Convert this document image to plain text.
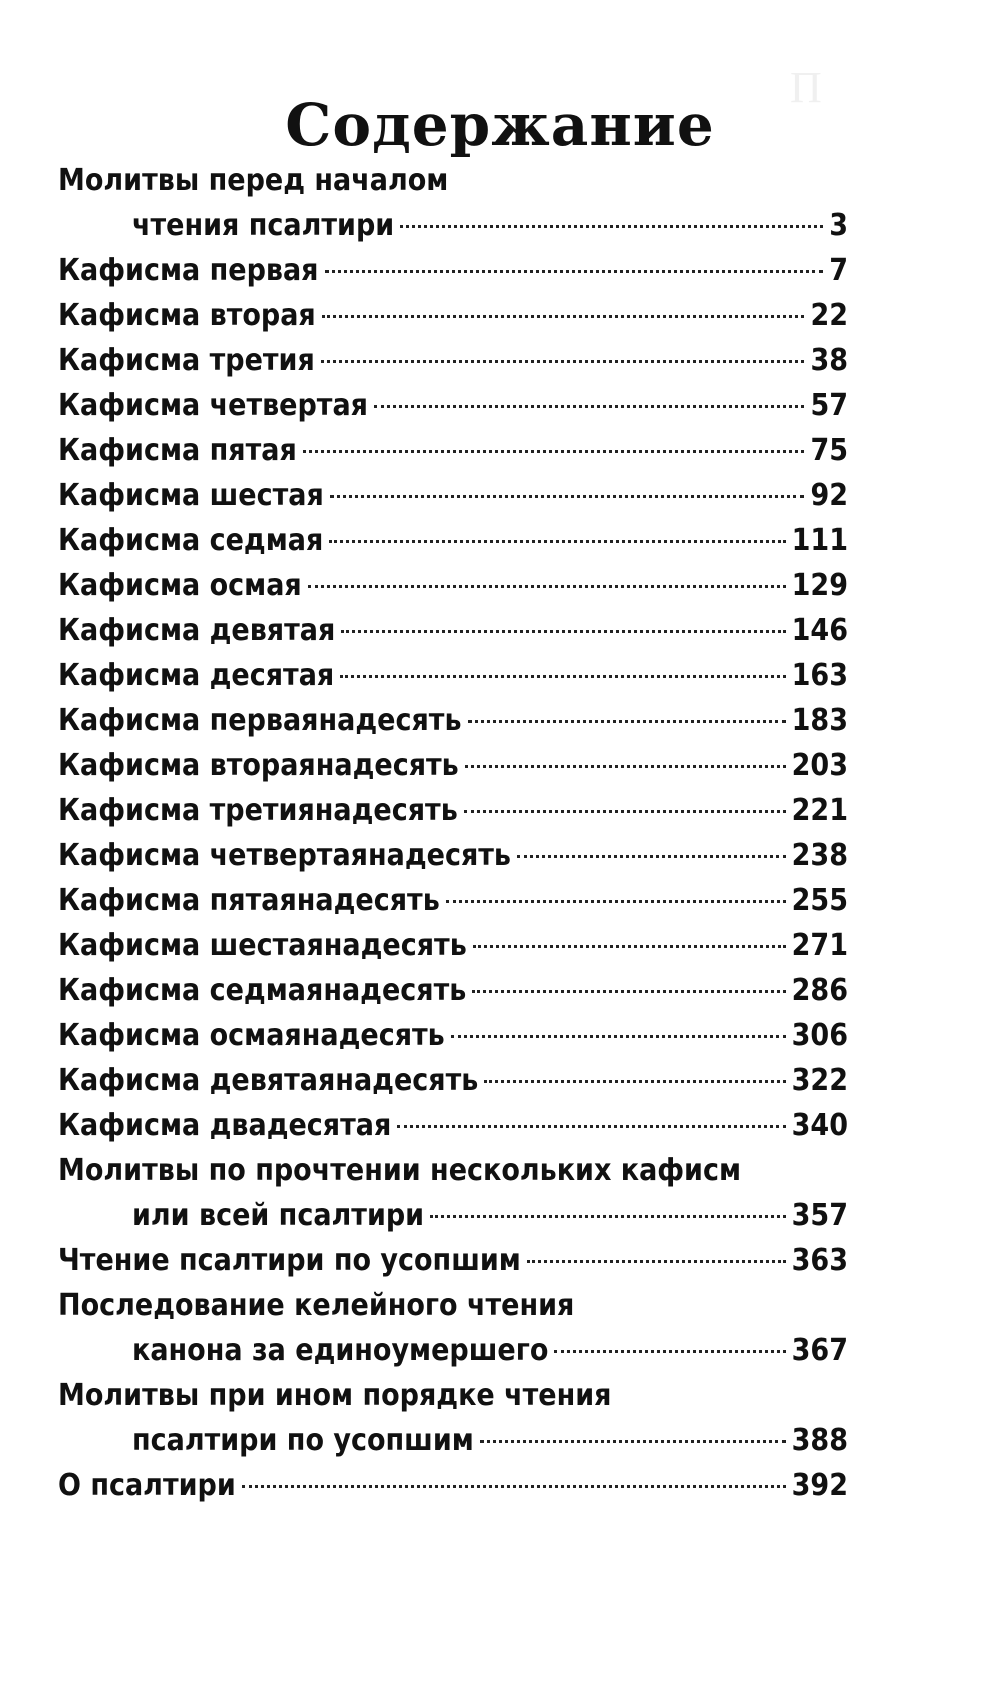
П
Содержание
Молитвы перед началом
чтения псалтири	3
Кафисма первая	7
Кафисма вторая	22
Кафисма третия	38
Кафисма четвертая	57
Кафисма пятая	75
Кафисма шестая	92
Кафисма седмая	111
Кафисма осмая	129
Кафисма девятая	146
Кафисма десятая	163
Кафисма перваянадесять	183
Кафисма втораянадесять	203
Кафисма третиянадесять	221
Кафисма четвертаянадесять	238
Кафисма пятаянадесять	255
Кафисма шестаянадесять	271
Кафисма седмаянадесять	286
Кафисма осмаянадесять	306
Кафисма девятаянадесять	322
Кафисма двадесятая	340
Молитвы по прочтении нескольких кафисм
или всей псалтири	357
Чтение псалтири по усопшим	363
Последование келейного чтения
канона за единоумершего	367
Молитвы при ином порядке чтения
псалтири по усопшим	388
О псалтири	392
